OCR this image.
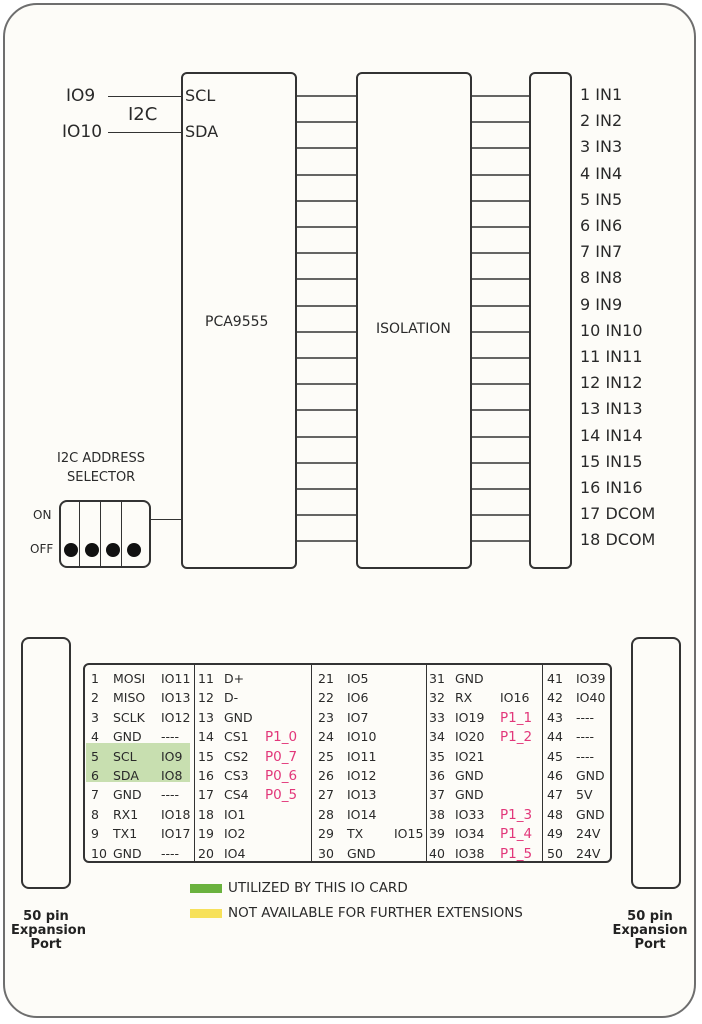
IO9
IO10
I2C
SCL
SDA
PCA9555	ISOLATION
1 IN1
2 IN2
3 IN3
4 IN4
5 IN5
6 IN6
7 IN7
8 IN8
9 IN9
10 IN10
11 IN11
12 IN12
13 IN13
14 IN14
15 IN15
16 IN16
17 DCOM
18 DCOM
I2C ADDRESS
SELECTOR
ON
OFF
50 pin
Expansion
Port
50 pin
Expansion
Port
1 MOSI IO11
2 MISO IO13
3 SCLK IO12
4 GND ----
5 SCL IO9
6 SDA IO8
7 GND ----
8 RX1 IO18
9 TX1 IO17
10 GND ----
11 D+
12 D-
13 GND
14 CS1 P1_0
15 CS2 P0_7
16 CS3 P0_6
17 CS4 P0_5
18 IO1
19 IO2
20 IO4
21 IO5
22 IO6
23 IO7
24 IO10
25 IO11
26 IO12
27 IO13
28 IO14
29 TX IO15
30 GND
31 GND
32 RX IO16
33 IO19 P1_1
34 IO20 P1_2
35 IO21
36 GND
37 GND
38 IO33 P1_3
39 IO34 P1_4
40 IO38 P1_5
41 IO39
42 IO40
43 ----
44 ----
45 ----
46 GND
47 5V
48 GND
49 24V
50 24V
UTILIZED BY THIS IO CARD
NOT AVAILABLE FOR FURTHER EXTENSIONS
